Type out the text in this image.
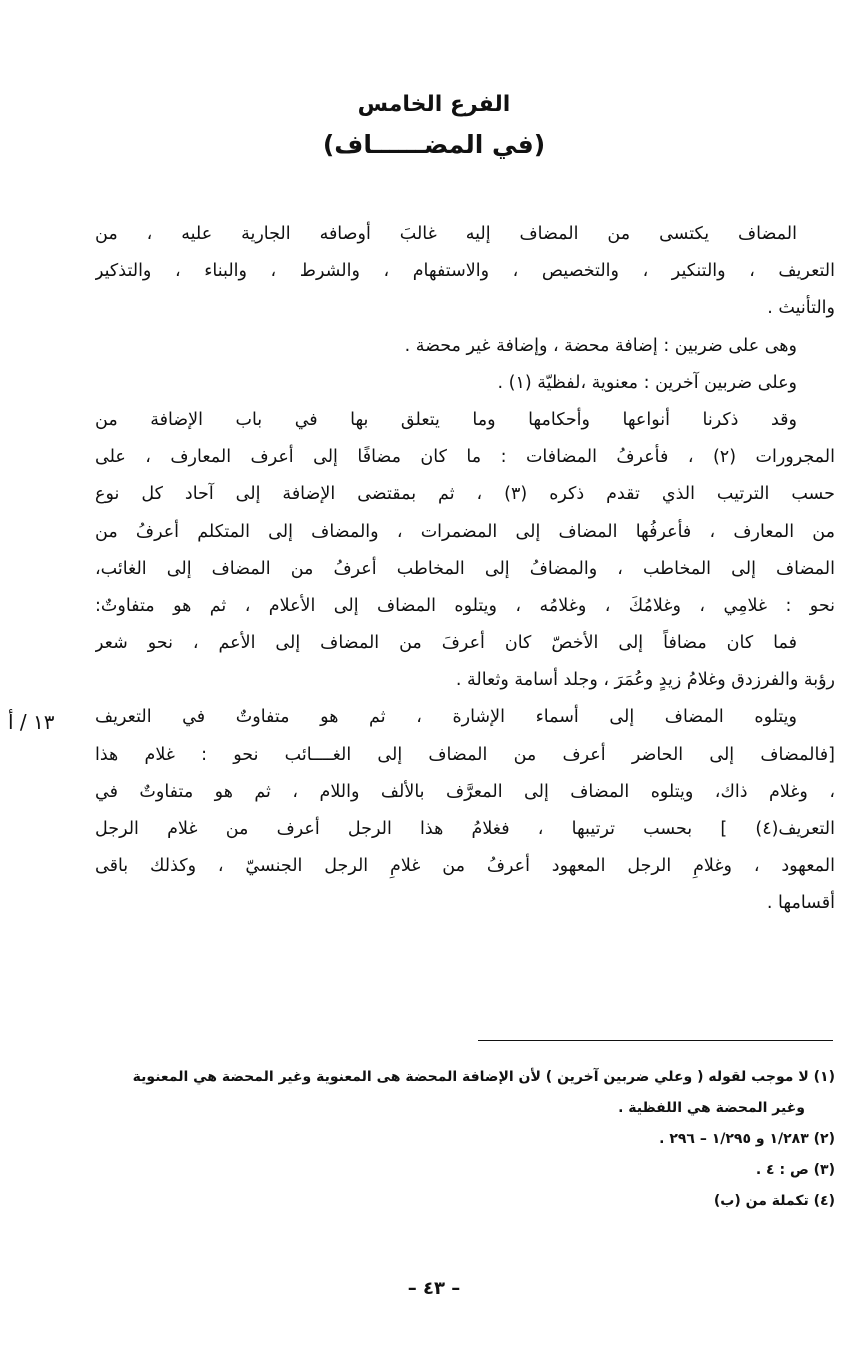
الفرع الخامس
(في المضــــــاف)
المضاف يكتسى من المضاف إليه غالبَ أوصافه الجارية عليه ، من
التعريف ، والتنكير ، والتخصيص ، والاستفهام ، والشرط ، والبناء ، والتذكير
والتأنيث .
وهى على ضربين : إضافة محضة ، وإضافة غير محضة .
وعلى ضربين آخرين : معنوية ،لفظيّة (١) .
وقد ذكرنا أنواعها وأحكامها وما يتعلق بها في باب الإضافة من
المجرورات (٢) ، فأعرفُ المضافات : ما كان مضافًا إلى أعرف المعارف ، على
حسب الترتيب الذي تقدم ذكره (٣) ، ثم بمقتضى الإضافة إلى آحاد كل نوع
من المعارف ، فأعرفُها المضاف إلى المضمرات ، والمضاف إلى المتكلم أعرفُ من
المضاف إلى المخاطب ، والمضافُ إلى المخاطب أعرفُ من المضاف إلى الغائب،
نحو : غلامِي ، وغلامُكَ ، وغلامُه ، ويتلوه المضاف إلى الأعلام ، ثم هو متفاوتٌ:
فما كان مضافاً إلى الأخصّ كان أعرفَ من المضاف إلى الأعم ، نحو شعر
رؤبة والفرزدق وغلامُ زيدٍ وعُمَرَ ، وجلد أسامة وثعالة .
ويتلوه المضاف إلى أسماء الإشارة ، ثم هو متفاوتٌ في التعريف
[فالمضاف إلى الحاضر أعرف من المضاف إلى الغــــائب نحو : غلام هذا
، وغلام ذاك، ويتلوه المضاف إلى المعرَّف بالألف واللام ، ثم هو متفاوتٌ في
التعريف(٤) ] بحسب ترتيبها ، فغلامُ هذا الرجل أعرف من غلام الرجل
المعهود ، وغلامِ الرجل المعهود أعرفُ من غلامِ الرجل الجنسيّ ، وكذلك باقى
أقسامها .
١٣ / أ
(١) لا موجب لقوله ( وعلي ضربين آخرين ) لأن الإضافة المحضة هى المعنوية وغير المحضة هي المعنوية
وغير المحضة هي اللفظية .
(٢) ١/٢٨٣ و ١/٢٩٥ – ٢٩٦ .
(٣) ص : ٤ .
(٤) تكملة من (ب)
– ٤٣ –
